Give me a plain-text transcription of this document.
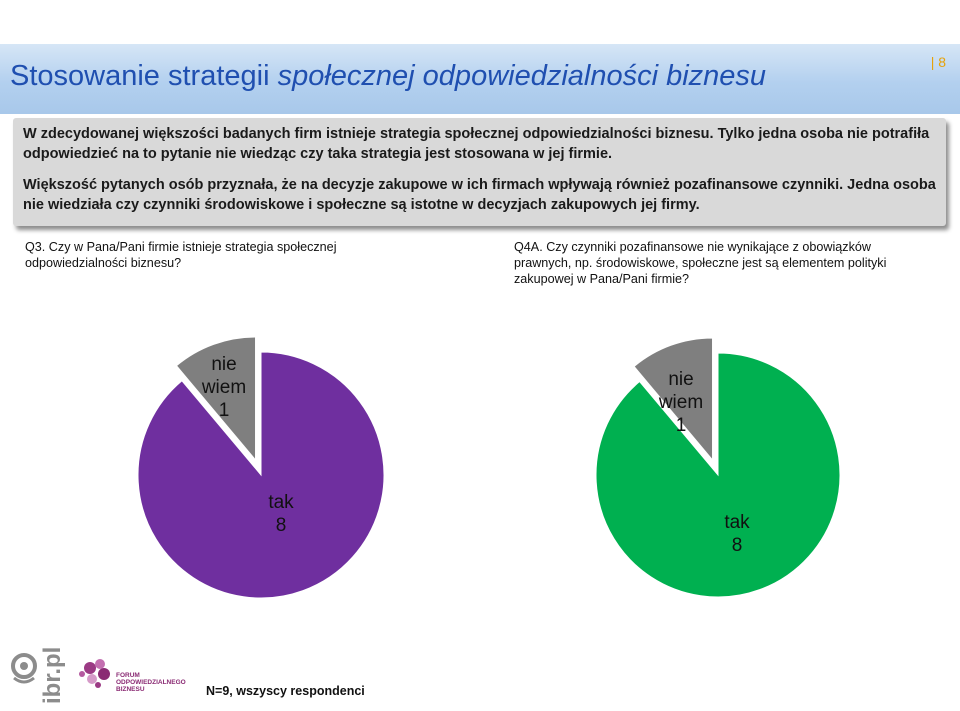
Stosowanie strategii społecznej odpowiedzialności biznesu	| 8

W zdecydowanej większości badanych firm istnieje strategia społecznej odpowiedzialności biznesu. Tylko jedna osoba nie potrafiła odpowiedzieć na to pytanie nie wiedząc czy taka strategia jest stosowana w jej firmie.

Większość pytanych osób przyznała, że na decyzje zakupowe w ich firmach wpływają również pozafinansowe czynniki. Jedna osoba nie wiedziała czy czynniki środowiskowe i społeczne są istotne w decyzjach zakupowych jej firmy.

Q3. Czy w Pana/Pani firmie istnieje strategia społecznej odpowiedzialności biznesu?
Q4A. Czy czynniki pozafinansowe nie wynikające z obowiązków prawnych, np. środowiskowe, społeczne jest są elementem polityki zakupowej w Pana/Pani firmie?
tak 8
nie wiem 1
tak 8
nie wiem 1
N=9, wszyscy respondenci
ibr.pl	FORUM
ODPOWIEDZIALNEGO
BIZNESU
